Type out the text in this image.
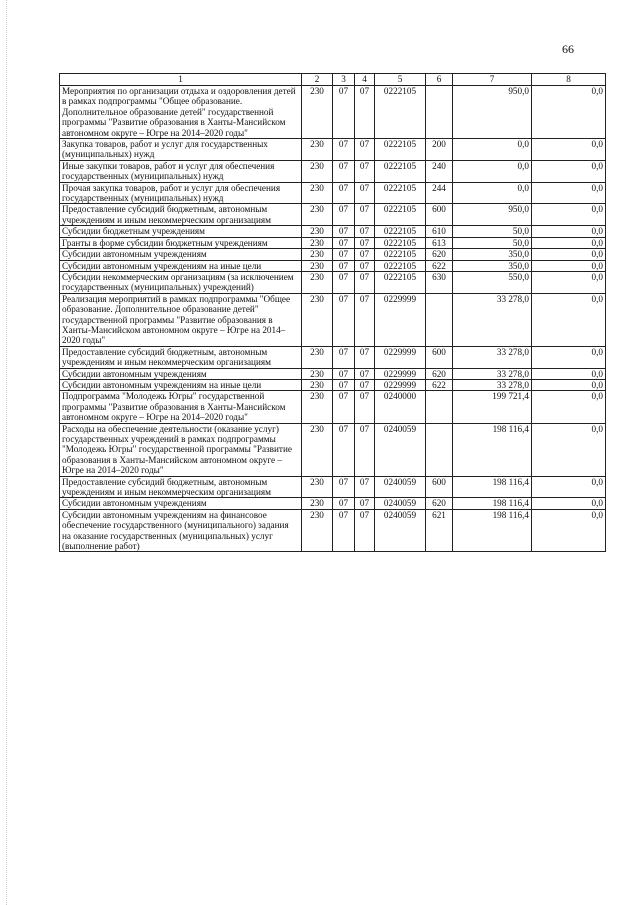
66
1	2	3	4	5	6	7	8
Мероприятия по организации отдыха и оздоровления детей в рамках подпрограммы "Общее образование. Дополнительное образование детей" государственной программы "Развитие образования в Ханты-Мансийском автономном округе – Югре на 2014–2020 годы"	230	07	07	0222105		950,0	0,0
Закупка товаров, работ и услуг для государственных (муниципальных) нужд	230	07	07	0222105	200	0,0	0,0
Иные закупки товаров, работ и услуг для обеспечения государственных (муниципальных) нужд	230	07	07	0222105	240	0,0	0,0
Прочая закупка товаров, работ и услуг для обеспечения государственных (муниципальных) нужд	230	07	07	0222105	244	0,0	0,0
Предоставление субсидий бюджетным, автономным учреждениям и иным некоммерческим организациям	230	07	07	0222105	600	950,0	0,0
Субсидии бюджетным учреждениям	230	07	07	0222105	610	50,0	0,0
Гранты в форме субсидии бюджетным учреждениям	230	07	07	0222105	613	50,0	0,0
Субсидии автономным учреждениям	230	07	07	0222105	620	350,0	0,0
Субсидии автономным учреждениям на иные цели	230	07	07	0222105	622	350,0	0,0
Субсидии некоммерческим организациям (за исключением государственных (муниципальных) учреждений)	230	07	07	0222105	630	550,0	0,0
Реализация мероприятий в рамках подпрограммы "Общее образование. Дополнительное образование детей" государственной программы "Развитие образования в Ханты-Мансийском автономном округе – Югре на 2014–2020 годы"	230	07	07	0229999		33 278,0	0,0
Предоставление субсидий бюджетным, автономным учреждениям и иным некоммерческим организациям	230	07	07	0229999	600	33 278,0	0,0
Субсидии автономным учреждениям	230	07	07	0229999	620	33 278,0	0,0
Субсидии автономным учреждениям на иные цели	230	07	07	0229999	622	33 278,0	0,0
Подпрограмма "Молодежь Югры" государственной программы "Развитие образования в Ханты-Мансийском автономном округе – Югре на 2014–2020 годы"	230	07	07	0240000		199 721,4	0,0
Расходы на обеспечение деятельности (оказание услуг) государственных учреждений в рамках подпрограммы "Молодежь Югры" государственной программы "Развитие образования в Ханты-Мансийском автономном округе – Югре на 2014–2020 годы"	230	07	07	0240059		198 116,4	0,0
Предоставление субсидий бюджетным, автономным учреждениям и иным некоммерческим организациям	230	07	07	0240059	600	198 116,4	0,0
Субсидии автономным учреждениям	230	07	07	0240059	620	198 116,4	0,0
Субсидии автономным учреждениям на финансовое обеспечение государственного (муниципального) задания на оказание государственных (муниципальных) услуг (выполнение работ)	230	07	07	0240059	621	198 116,4	0,0
